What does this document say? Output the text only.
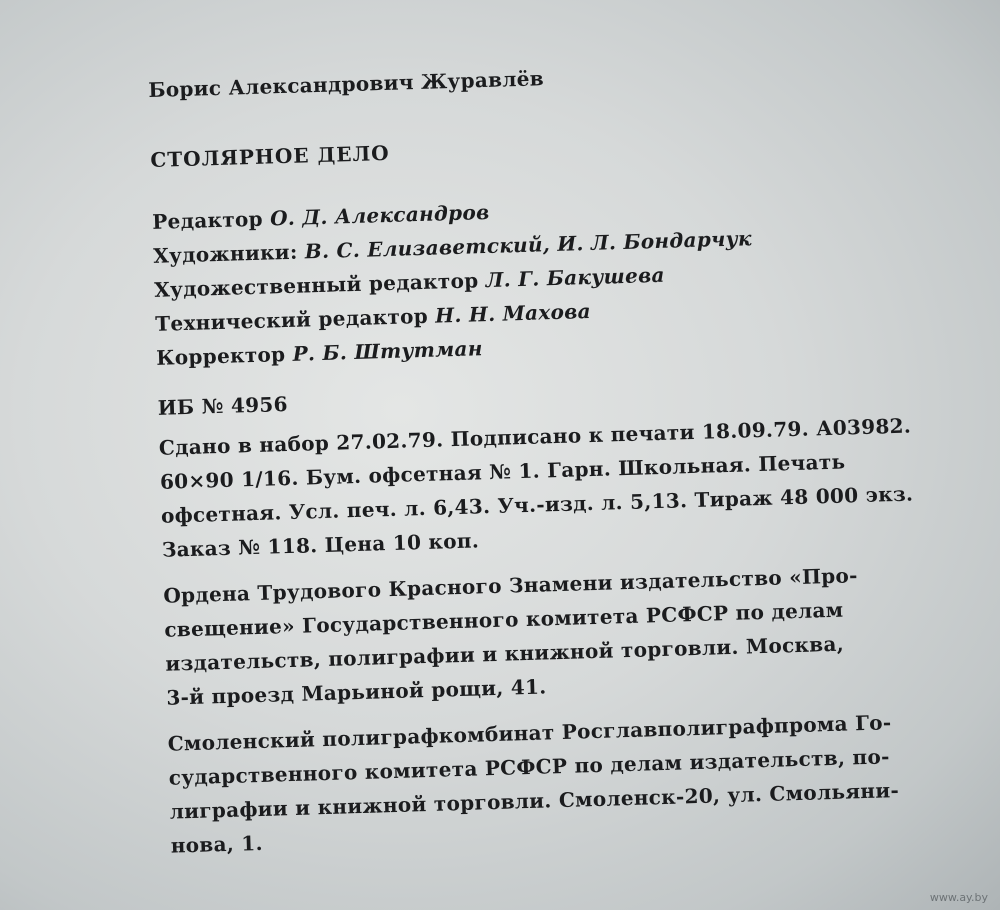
Борис Александрович Журавлёв
СТОЛЯРНОЕ ДЕЛО
Редактор О. Д. Александров
Художники: В. С. Елизаветский, И. Л. Бондарчук
Художественный редактор Л. Г. Бакушева
Технический редактор Н. Н. Махова
Корректор Р. Б. Штутман
ИБ № 4956
Сдано в набор 27.02.79. Подписано к печати 18.09.79. А03982.
60×90 1/16. Бум. офсетная № 1. Гарн. Школьная. Печать
офсетная. Усл. печ. л. 6,43. Уч.-изд. л. 5,13. Тираж 48 000 экз.
Заказ № 118. Цена 10 коп.
Ордена Трудового Красного Знамени издательство «Про-
свещение» Государственного комитета РСФСР по делам
издательств, полиграфии и книжной торговли. Москва,
3-й проезд Марьиной рощи, 41.
Смоленский полиграфкомбинат Росглавполиграфпрома Го-
сударственного комитета РСФСР по делам издательств, по-
лиграфии и книжной торговли. Смоленск-20, ул. Смольяни-
нова, 1.
www.ay.by
